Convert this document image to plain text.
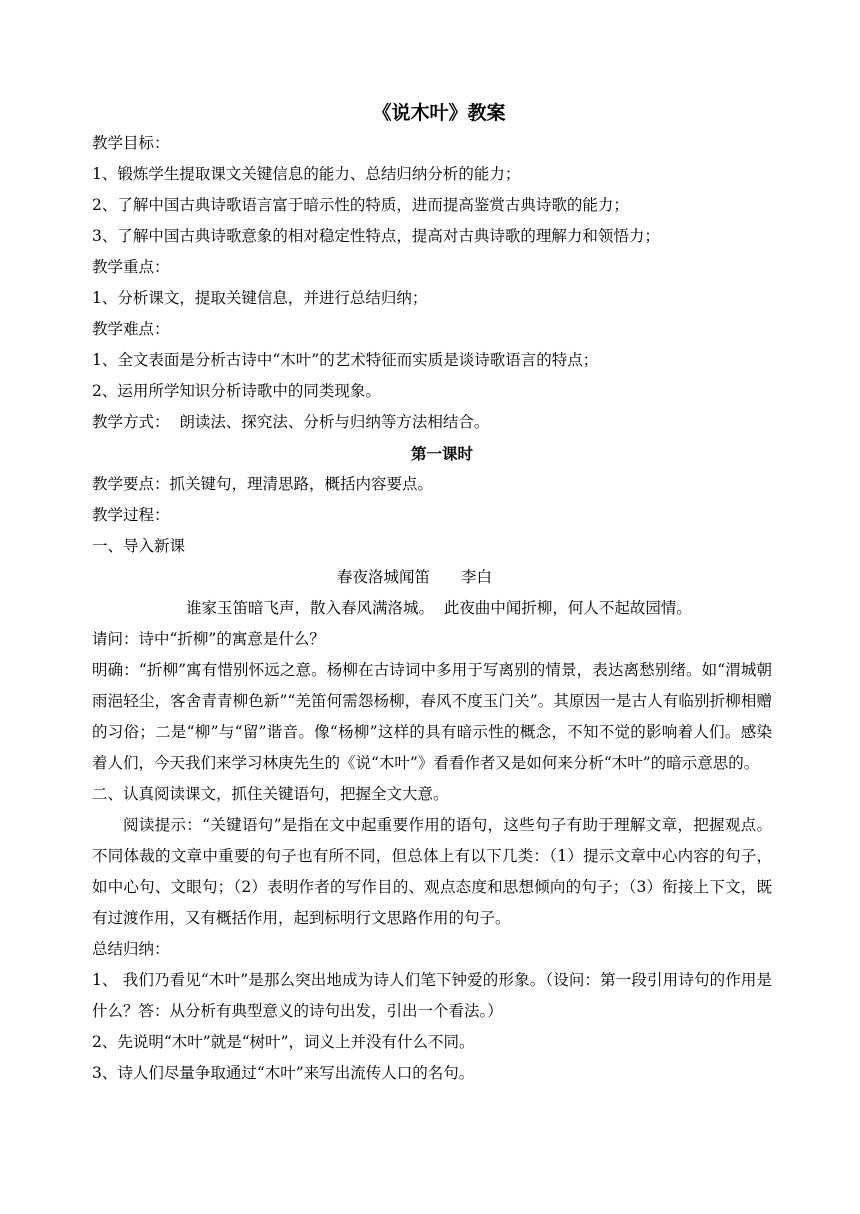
《说木叶》教案
教学目标：
1、锻炼学生提取课文关键信息的能力、总结归纳分析的能力；
2、了解中国古典诗歌语言富于暗示性的特质，进而提高鉴赏古典诗歌的能力；
3、了解中国古典诗歌意象的相对稳定性特点，提高对古典诗歌的理解力和领悟力；
教学重点：
1、分析课文，提取关键信息，并进行总结归纳；
教学难点：
1、全文表面是分析古诗中“木叶”的艺术特征而实质是谈诗歌语言的特点；
2、运用所学知识分析诗歌中的同类现象。
教学方式：  朗读法、探究法、分析与归纳等方法相结合。
第一课时
教学要点：抓关键句，理清思路，概括内容要点。
教学过程：
一、导入新课
春夜洛城闻笛 李白
谁家玉笛暗飞声，散入春风满洛城。  此夜曲中闻折柳，何人不起故园情。
请问：诗中“折柳”的寓意是什么？
明确：“折柳”寓有惜别怀远之意。杨柳在古诗词中多用于写离别的情景，表达离愁别绪。如“渭城朝雨浥轻尘，客舍青青柳色新”“羌笛何需怨杨柳，春风不度玉门关”。其原因一是古人有临别折柳相赠的习俗；二是“柳”与“留”谐音。像“杨柳”这样的具有暗示性的概念，不知不觉的影响着人们。感染着人们，今天我们来学习林庚先生的《说“木叶”》看看作者又是如何来分析“木叶”的暗示意思的。
二、认真阅读课文，抓住关键语句，把握全文大意。
阅读提示：“关键语句”是指在文中起重要作用的语句，这些句子有助于理解文章，把握观点。不同体裁的文章中重要的句子也有所不同，但总体上有以下几类：（1）提示文章中心内容的句子，如中心句、文眼句；（2）表明作者的写作目的、观点态度和思想倾向的句子；（3）衔接上下文，既有过渡作用，又有概括作用，起到标明行文思路作用的句子。
总结归纳：
1、 我们乃看见“木叶”是那么突出地成为诗人们笔下钟爱的形象。（设问：第一段引用诗句的作用是什么？答：从分析有典型意义的诗句出发，引出一个看法。）
2、先说明“木叶”就是“树叶”，词义上并没有什么不同。
3、诗人们尽量争取通过“木叶”来写出流传人口的名句。
